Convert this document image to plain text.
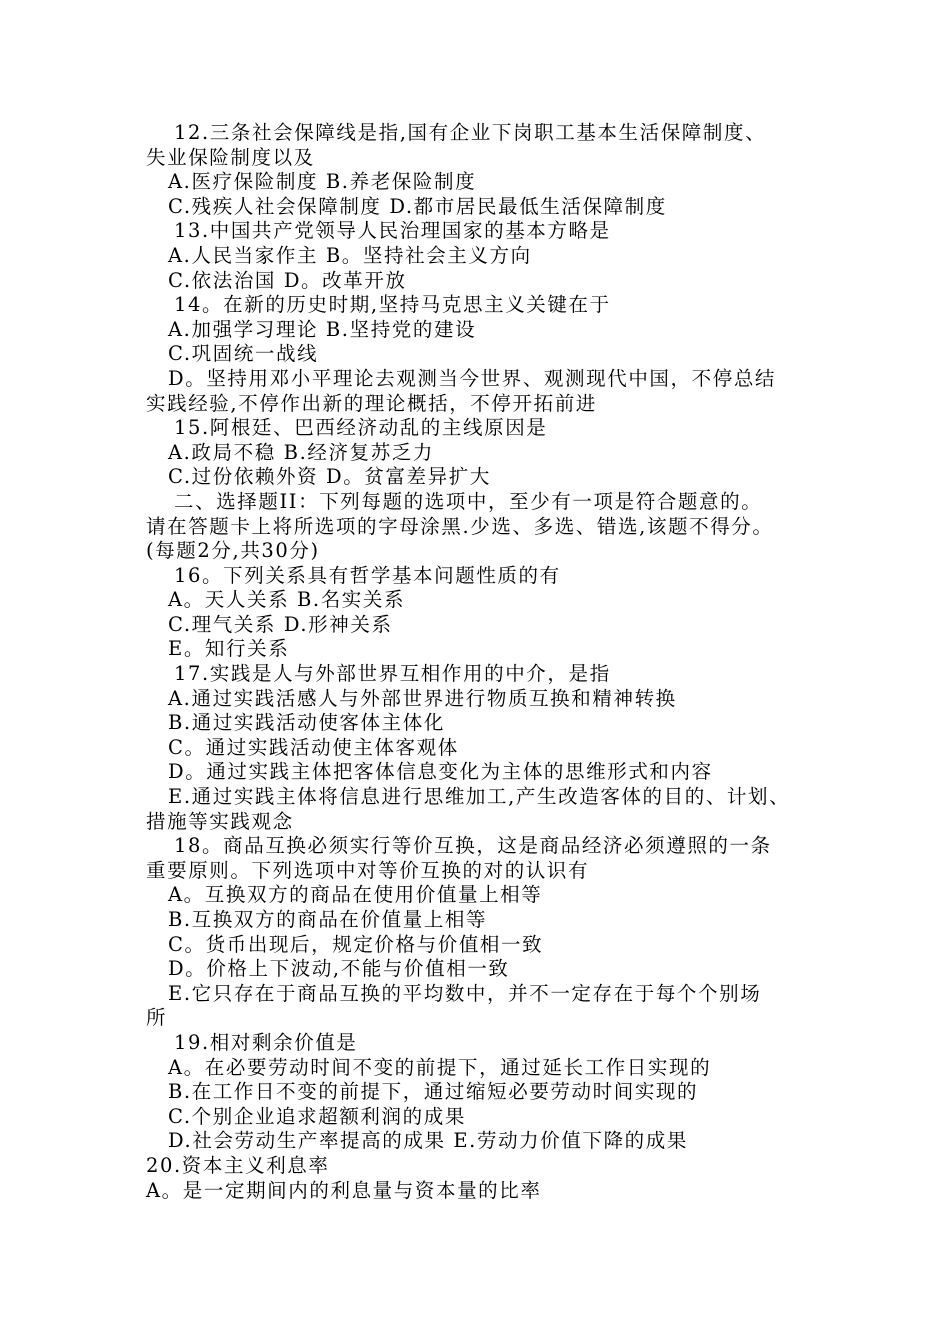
12.三条社会保障线是指,国有企业下岗职工基本生活保障制度、
失业保险制度以及
A.医疗保险制度 B.养老保险制度
C.残疾人社会保障制度 D.都市居民最低生活保障制度
13.中国共产党领导人民治理国家的基本方略是
A.人民当家作主 B。坚持社会主义方向
C.依法治国 D。改革开放
14。在新的历史时期,坚持马克思主义关键在于
A.加强学习理论 B.坚持党的建设
C.巩固统一战线
D。坚持用邓小平理论去观测当今世界、观测现代中国，不停总结
实践经验,不停作出新的理论概括，不停开拓前进
15.阿根廷、巴西经济动乱的主线原因是
A.政局不稳 B.经济复苏乏力
C.过份依赖外资 D。贫富差异扩大
二、选择题II：下列每题的选项中，至少有一项是符合题意的。
请在答题卡上将所选项的字母涂黑.少选、多选、错选,该题不得分。
(每题2分,共30分)
16。下列关系具有哲学基本问题性质的有
A。天人关系 B.名实关系
C.理气关系 D.形神关系
E。知行关系
17.实践是人与外部世界互相作用的中介，是指
A.通过实践活感人与外部世界进行物质互换和精神转换
B.通过实践活动使客体主体化
C。通过实践活动使主体客观体
D。通过实践主体把客体信息变化为主体的思维形式和内容
E.通过实践主体将信息进行思维加工,产生改造客体的目的、计划、
措施等实践观念
18。商品互换必须实行等价互换，这是商品经济必须遵照的一条
重要原则。下列选项中对等价互换的对的认识有
A。互换双方的商品在使用价值量上相等
B.互换双方的商品在价值量上相等
C。货币出现后，规定价格与价值相一致
D。价格上下波动,不能与价值相一致
E.它只存在于商品互换的平均数中，并不一定存在于每个个别场
所
19.相对剩余价值是
A。在必要劳动时间不变的前提下，通过延长工作日实现的
B.在工作日不变的前提下，通过缩短必要劳动时间实现的
C.个别企业追求超额利润的成果
D.社会劳动生产率提高的成果 E.劳动力价值下降的成果
20.资本主义利息率
A。是一定期间内的利息量与资本量的比率
